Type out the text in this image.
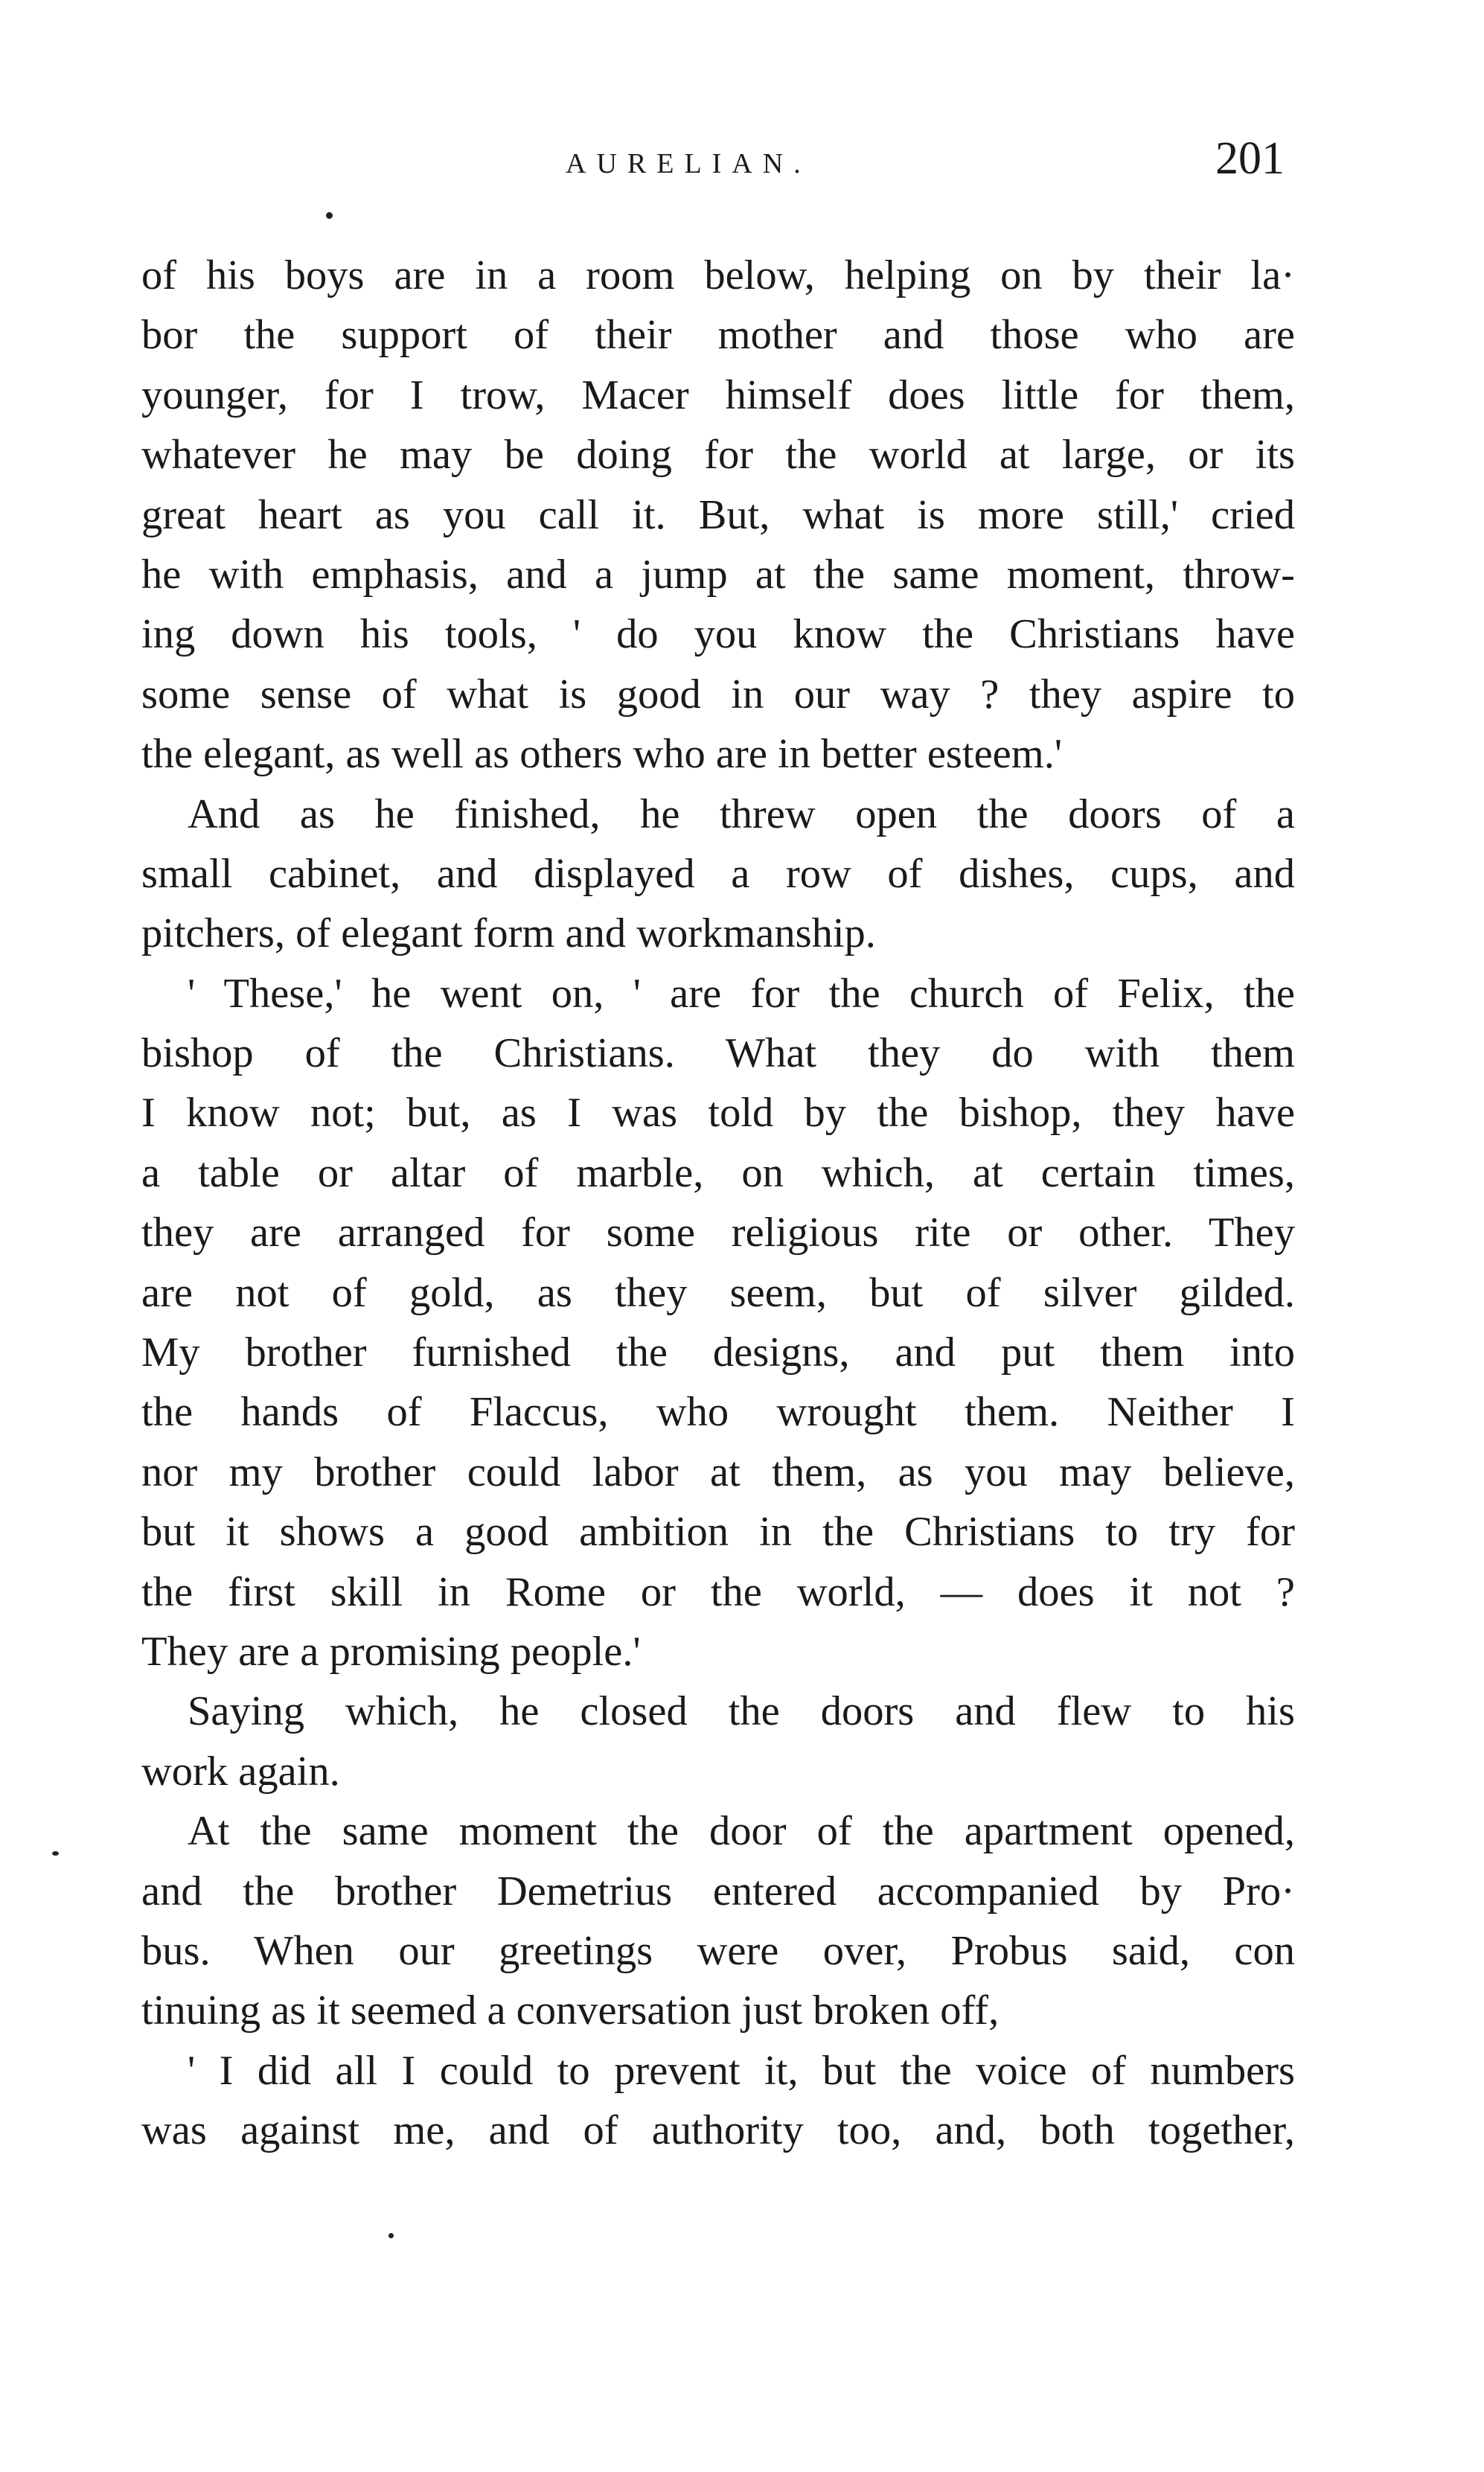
AURELIAN.	201
of his boys are in a room below, helping on by their la·
bor the support of their mother and those who are
younger, for I trow, Macer himself does little for them,
whatever he may be doing for the world at large, or its
great heart as you call it. But, what is more still,' cried
he with emphasis, and a jump at the same moment, throw-
ing down his tools, ' do you know the Christians have
some sense of what is good in our way ? they aspire to
the elegant, as well as others who are in better esteem.'
And as he finished, he threw open the doors of a
small cabinet, and displayed a row of dishes, cups, and
pitchers, of elegant form and workmanship.
' These,' he went on, ' are for the church of Felix, the
bishop of the Christians. What they do with them
I know not; but, as I was told by the bishop, they have
a table or altar of marble, on which, at certain times,
they are arranged for some religious rite or other. They
are not of gold, as they seem, but of silver gilded.
My brother furnished the designs, and put them into
the hands of Flaccus, who wrought them. Neither I
nor my brother could labor at them, as you may believe,
but it shows a good ambition in the Christians to try for
the first skill in Rome or the world, — does it not ?
They are a promising people.'
Saying which, he closed the doors and flew to his
work again.
At the same moment the door of the apartment opened,
and the brother Demetrius entered accompanied by Pro·
bus. When our greetings were over, Probus said, con
tinuing as it seemed a conversation just broken off,
' I did all I could to prevent it, but the voice of numbers
was against me, and of authority too, and, both together,
